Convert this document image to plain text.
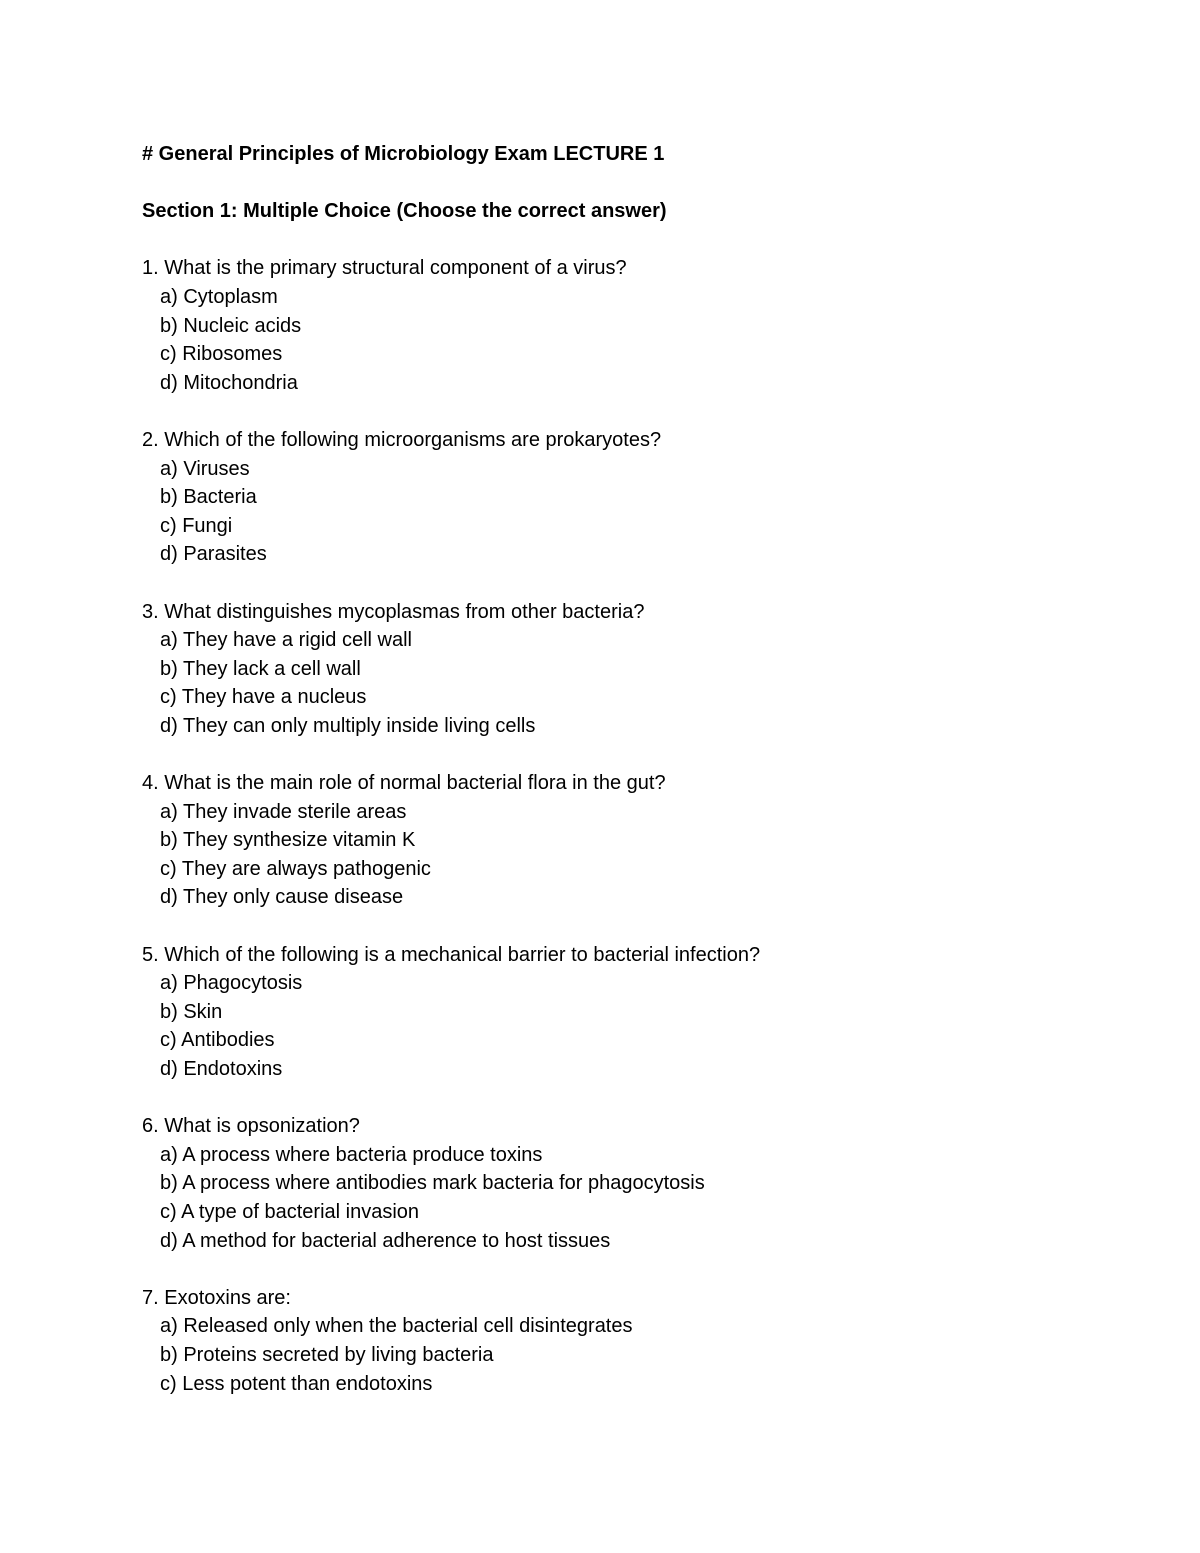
# General Principles of Microbiology Exam LECTURE 1
Section 1: Multiple Choice (Choose the correct answer)
1. What is the primary structural component of a virus?
a) Cytoplasm
b) Nucleic acids
c) Ribosomes
d) Mitochondria
2. Which of the following microorganisms are prokaryotes?
a) Viruses
b) Bacteria
c) Fungi
d) Parasites
3. What distinguishes mycoplasmas from other bacteria?
a) They have a rigid cell wall
b) They lack a cell wall
c) They have a nucleus
d) They can only multiply inside living cells
4. What is the main role of normal bacterial flora in the gut?
a) They invade sterile areas
b) They synthesize vitamin K
c) They are always pathogenic
d) They only cause disease
5. Which of the following is a mechanical barrier to bacterial infection?
a) Phagocytosis
b) Skin
c) Antibodies
d) Endotoxins
6. What is opsonization?
a) A process where bacteria produce toxins
b) A process where antibodies mark bacteria for phagocytosis
c) A type of bacterial invasion
d) A method for bacterial adherence to host tissues
7. Exotoxins are:
a) Released only when the bacterial cell disintegrates
b) Proteins secreted by living bacteria
c) Less potent than endotoxins
